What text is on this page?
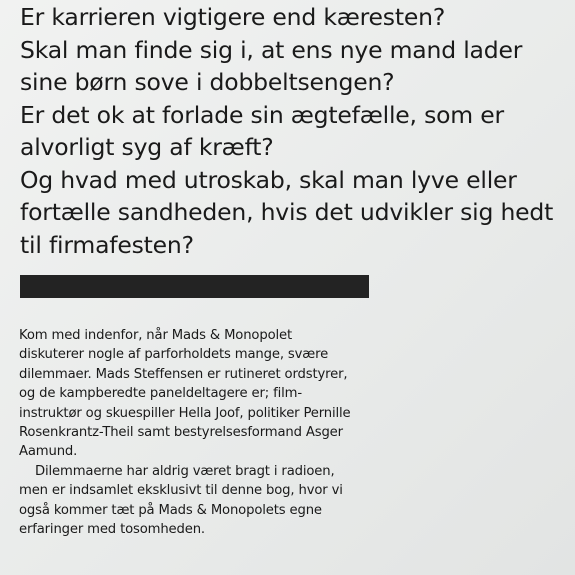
Er karrieren vigtigere end kæresten?
Skal man finde sig i, at ens nye mand lader
sine børn sove i dobbeltsengen?
Er det ok at forlade sin ægtefælle, som er
alvorligt syg af kræft?
Og hvad med utroskab, skal man lyve eller
fortælle sandheden, hvis det udvikler sig hedt
til firmafesten?
Kom med indenfor, når Mads & Monopolet
diskuterer nogle af parforholdets mange, svære
dilemmaer. Mads Steffensen er rutineret ordstyrer,
og de kampberedte paneldeltagere er; film-
instruktør og skuespiller Hella Joof, politiker Pernille
Rosenkrantz-Theil samt bestyrelsesformand Asger
Aamund.
Dilemmaerne har aldrig været bragt i radioen,
men er indsamlet eksklusivt til denne bog, hvor vi
også kommer tæt på Mads & Monopolets egne
erfaringer med tosomheden.
